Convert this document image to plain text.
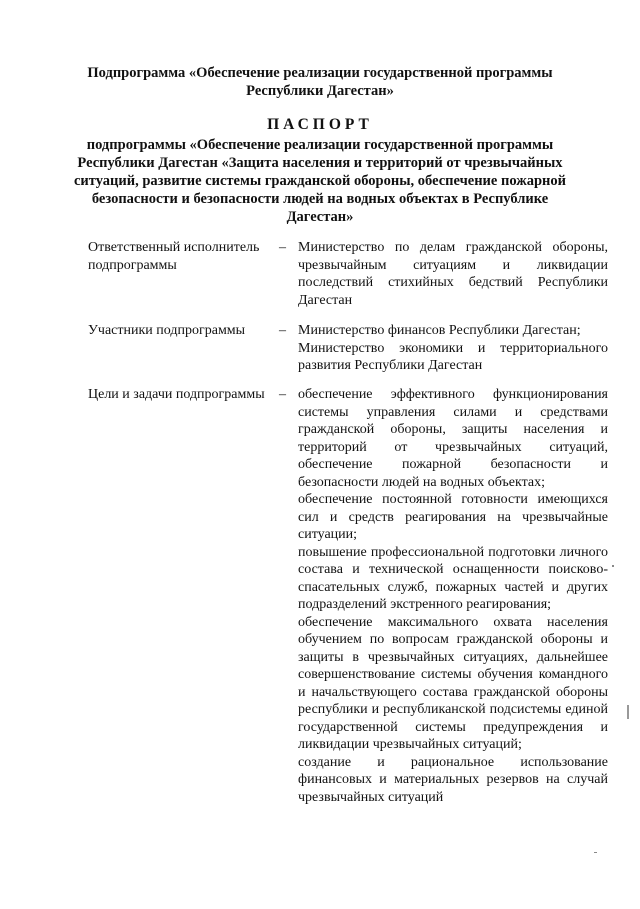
Подпрограмма «Обеспечение реализации государственной программы Республики Дагестан»
ПАСПОРТ
подпрограммы «Обеспечение реализации государственной программы Республики Дагестан «Защита населения и территорий от чрезвычайных ситуаций, развитие системы гражданской обороны, обеспечение пожарной безопасности и безопасности людей на водных объектах в Республике Дагестан»
Ответственный исполнитель подпрограммы
– Министерство по делам гражданской обороны, чрезвычайным ситуациям и ликвидации последствий стихийных бедствий Республики Дагестан

Участники подпрограммы	– Министерство финансов Республики Дагестан;

Министерство экономики и территориального развития Республики Дагестан

Цели и задачи подпрограммы	– обеспечение эффективного функционирования системы управления силами и средствами гражданской обороны, защиты населения и территорий от чрезвычайных ситуаций, обеспечение пожарной безопасности и безопасности людей на водных объектах;

обеспечение постоянной готовности имеющихся сил и средств реагирования на чрезвычайные ситуации;

повышение профессиональной подготовки личного состава и технической оснащенности поисково-спасательных служб, пожарных частей и других подразделений экстренного реагирования;

обеспечение максимального охвата населения обучением по вопросам гражданской обороны и защиты в чрезвычайных ситуациях, дальнейшее совершенствование системы обучения командного и начальствующего состава гражданской обороны республики и республиканской подсистемы единой государственной системы предупреждения и ликвидации чрезвычайных ситуаций;

создание и рациональное использование финансовых и материальных резервов на случай чрезвычайных ситуаций
